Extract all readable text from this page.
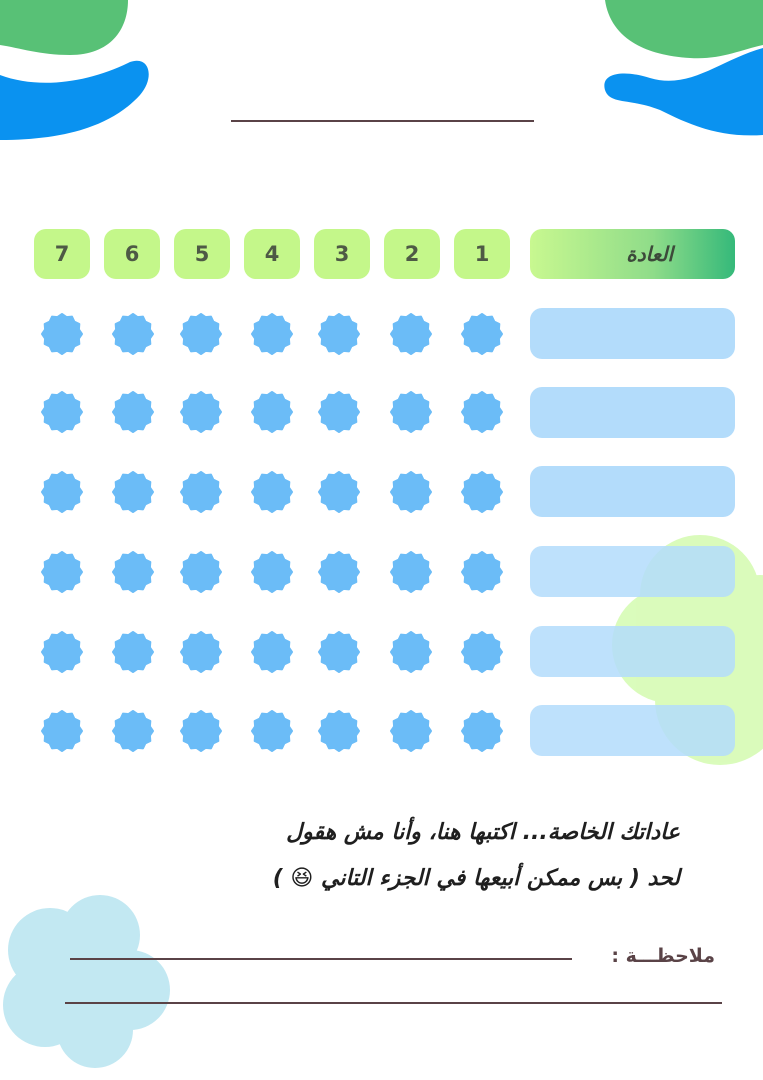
العادة
1
2
3
4
5
6
7
عاداتك الخاصة... اكتبها هنا، وأنا مش هقول
لحد ( بس ممكن أبيعها في الجزء التاني 😆 )
ملاحظـــة :
